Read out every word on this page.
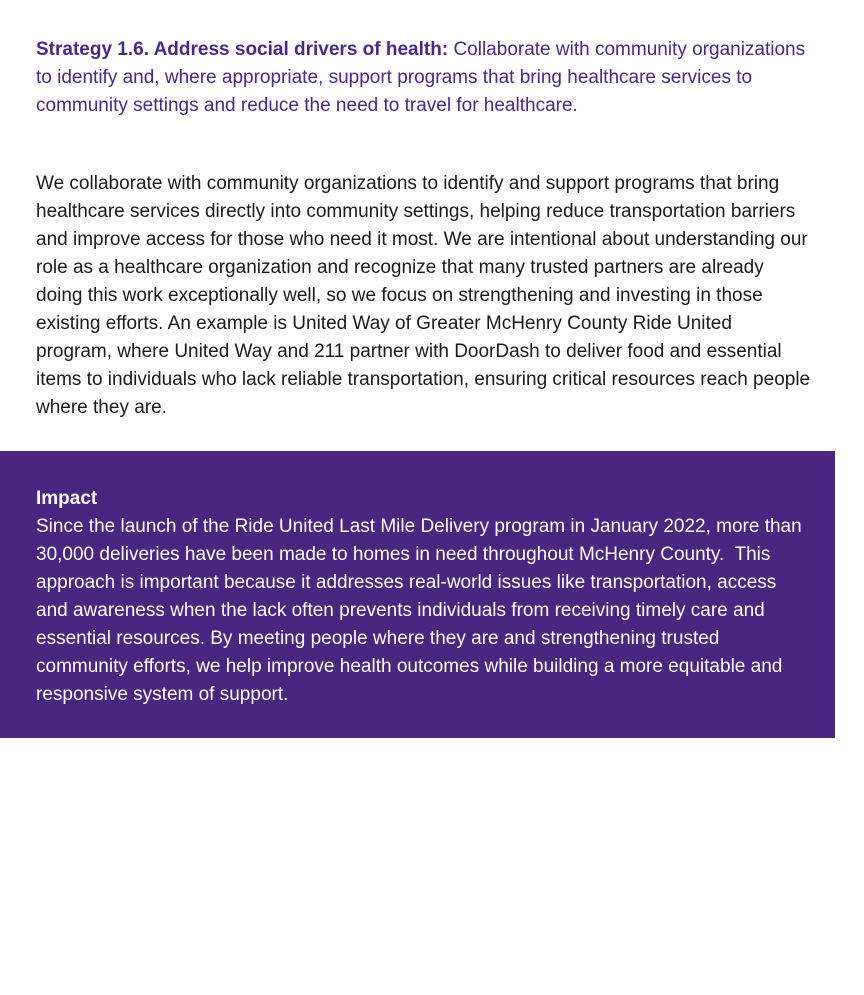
Strategy 1.6. Address social drivers of health: Collaborate with community organizations to identify and, where appropriate, support programs that bring healthcare services to community settings and reduce the need to travel for healthcare.

We collaborate with community organizations to identify and support programs that bring healthcare services directly into community settings, helping reduce transportation barriers and improve access for those who need it most. We are intentional about understanding our role as a healthcare organization and recognize that many trusted partners are already doing this work exceptionally well, so we focus on strengthening and investing in those existing efforts. An example is United Way of Greater McHenry County Ride United program, where United Way and 211 partner with DoorDash to deliver food and essential items to individuals who lack reliable transportation, ensuring critical resources reach people where they are.

Impact

Since the launch of the Ride United Last Mile Delivery program in January 2022, more than 30,000 deliveries have been made to homes in need throughout McHenry County.  This approach is important because it addresses real-world issues like transportation, access and awareness when the lack often prevents individuals from receiving timely care and essential resources. By meeting people where they are and strengthening trusted community efforts, we help improve health outcomes while building a more equitable and responsive system of support.
